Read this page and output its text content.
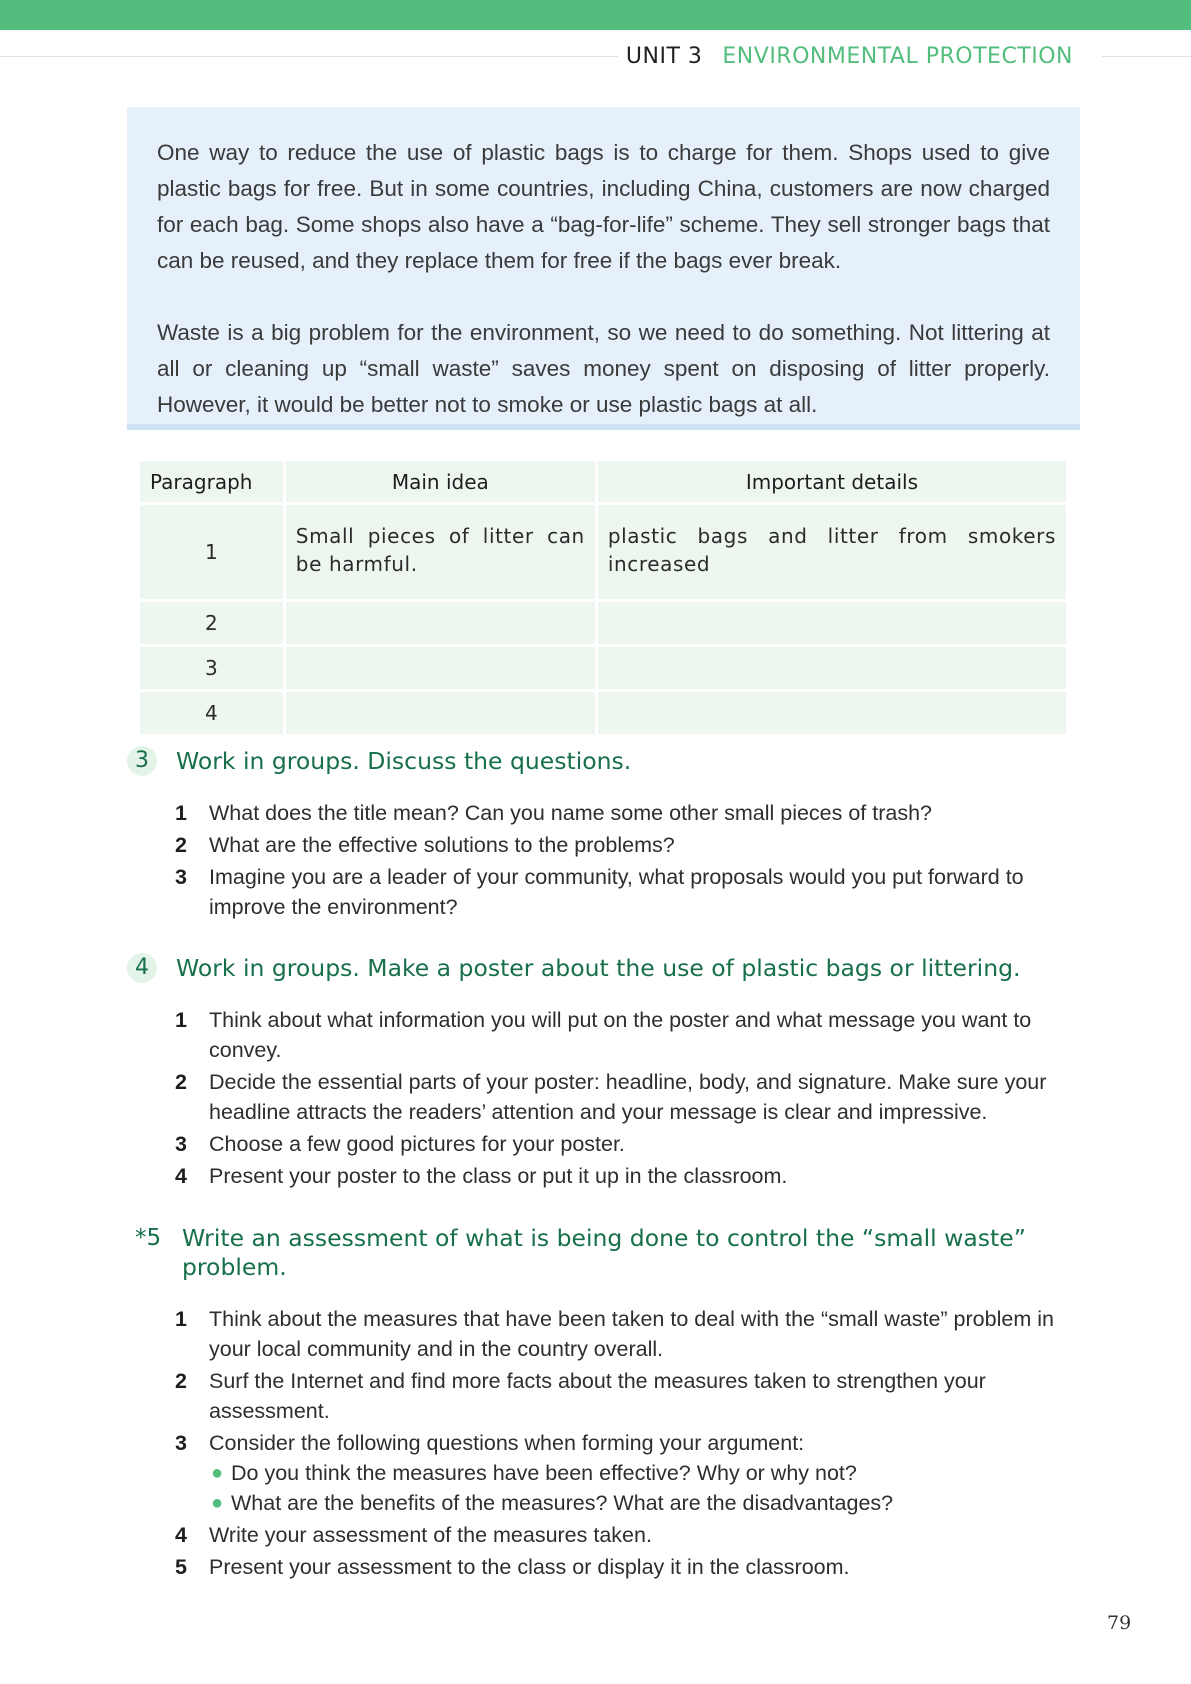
UNIT 3 ENVIRONMENTAL PROTECTION

One way to reduce the use of plastic bags is to charge for them. Shops used to give plastic bags for free. But in some countries, including China, customers are now charged for each bag. Some shops also have a “bag-for-life” scheme. They sell stronger bags that can be reused, and they replace them for free if the bags ever break.

Waste is a big problem for the environment, so we need to do something. Not littering at all or cleaning up “small waste” saves money spent on disposing of litter properly. However, it would be better not to smoke or use plastic bags at all.

Paragraph	Main idea	Important details
1	Small pieces of litter can be harmful.	plastic bags and litter from smokers increased
2		
3		
4		
3	Work in groups. Discuss the questions.
1 What does the title mean? Can you name some other small pieces of trash?
2 What are the effective solutions to the problems?
3 Imagine you are a leader of your community, what proposals would you put forward to improve the environment?
4	Work in groups. Make a poster about the use of plastic bags or littering.
1 Think about what information you will put on the poster and what message you want to convey.
2 Decide the essential parts of your poster: headline, body, and signature. Make sure your headline attracts the readers’ attention and your message is clear and impressive.
3 Choose a few good pictures for your poster.
4 Present your poster to the class or put it up in the classroom.
*5 Write an assessment of what is being done to control the “small waste” problem.
1 Think about the measures that have been taken to deal with the “small waste” problem in your local community and in the country overall.
2 Surf the Internet and find more facts about the measures taken to strengthen your assessment.
3 Consider the following questions when forming your argument:
● Do you think the measures have been effective? Why or why not?
● What are the benefits of the measures? What are the disadvantages?
4 Write your assessment of the measures taken.
5 Present your assessment to the class or display it in the classroom.
79
